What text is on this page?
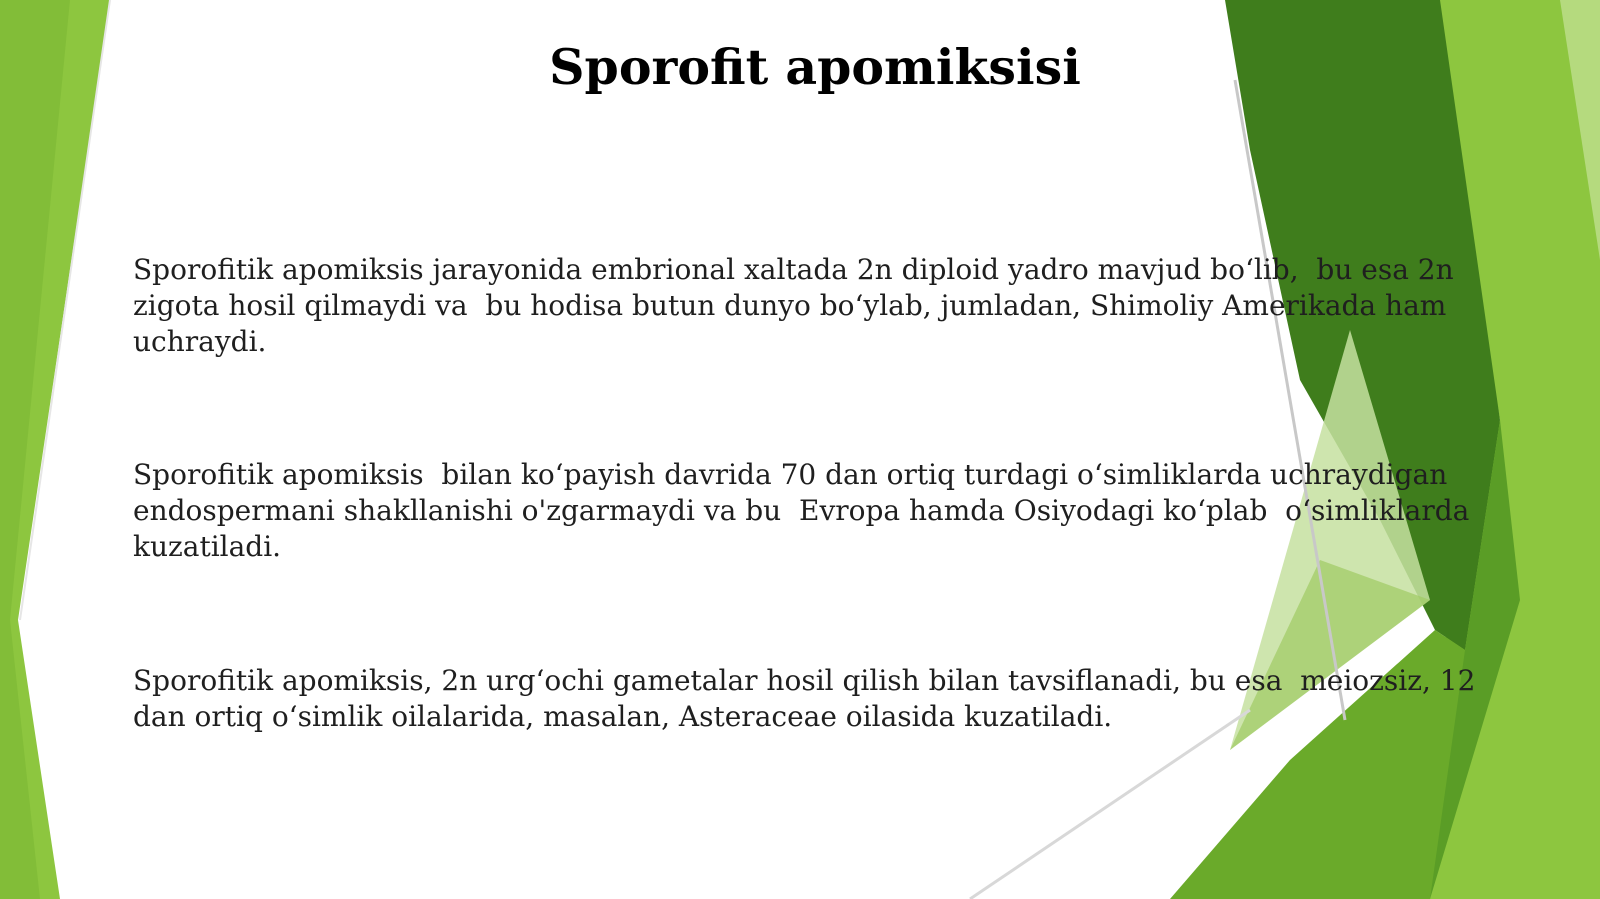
Sporofit apomiksisi

Sporofitik apomiksis jarayonida embrional xaltada 2n diploid yadro mavjud bo‘lib,  bu esa 2n zigota hosil qilmaydi va  bu hodisa butun dunyo bo‘ylab, jumladan, Shimoliy Amerikada ham uchraydi.

Sporofitik apomiksis  bilan ko‘payish davrida 70 dan ortiq turdagi o‘simliklarda uchraydigan endospermani shakllanishi o'zgarmaydi va bu  Evropa hamda Osiyodagi ko‘plab  o‘simliklarda kuzatiladi.

Sporofitik apomiksis, 2n urg‘ochi gametalar hosil qilish bilan tavsiflanadi, bu esa  meiozsiz, 12 dan ortiq o‘simlik oilalarida, masalan, Asteraceae oilasida kuzatiladi.
